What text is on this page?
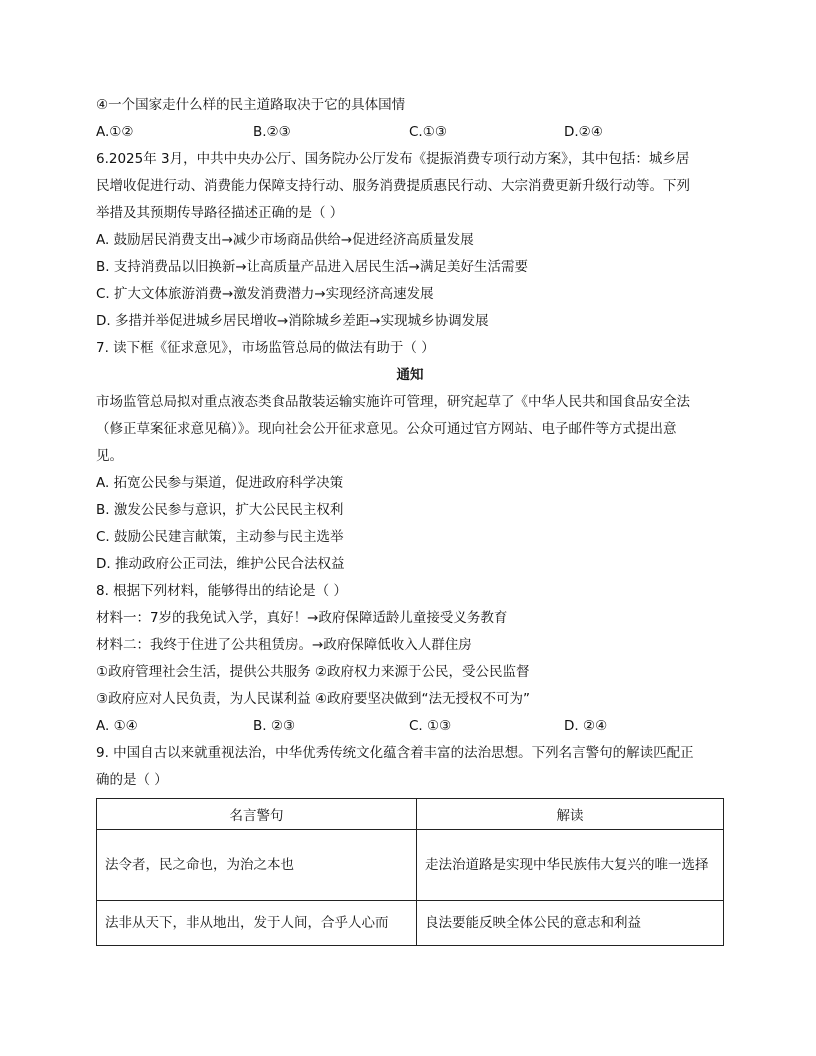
④一个国家走什么样的民主道路取决于它的具体国情
A.①②	B.②③	C.①③	D.②④
6.2025年 3月，中共中央办公厅、国务院办公厅发布《提振消费专项行动方案》，其中包括：城乡居
民增收促进行动、消费能力保障支持行动、服务消费提质惠民行动、大宗消费更新升级行动等。下列
举措及其预期传导路径描述正确的是（ ）
A. 鼓励居民消费支出→减少市场商品供给→促进经济高质量发展
B. 支持消费品以旧换新→让高质量产品进入居民生活→满足美好生活需要
C. 扩大文体旅游消费→激发消费潜力→实现经济高速发展
D. 多措并举促进城乡居民增收→消除城乡差距→实现城乡协调发展
7. 读下框《征求意见》，市场监管总局的做法有助于（ ）
通知
市场监管总局拟对重点液态类食品散装运输实施许可管理，研究起草了《中华人民共和国食品安全法
（修正草案征求意见稿）》。现向社会公开征求意见。公众可通过官方网站、电子邮件等方式提出意
见。
A. 拓宽公民参与渠道，促进政府科学决策
B. 激发公民参与意识，扩大公民民主权利
C. 鼓励公民建言献策，主动参与民主选举
D. 推动政府公正司法，维护公民合法权益
8. 根据下列材料，能够得出的结论是（ ）
材料一：7岁的我免试入学，真好！→政府保障适龄儿童接受义务教育
材料二：我终于住进了公共租赁房。→政府保障低收入人群住房
①政府管理社会生活，提供公共服务 ②政府权力来源于公民，受公民监督
③政府应对人民负责，为人民谋利益 ④政府要坚决做到“法无授权不可为”
A. ①④	B. ②③	C. ①③	D. ②④
9. 中国自古以来就重视法治，中华优秀传统文化蕴含着丰富的法治思想。下列名言警句的解读匹配正
确的是（ ）
名言警句	解读
法令者，民之命也，为治之本也	走法治道路是实现中华民族伟大复兴的唯一选择
法非从天下，非从地出，发于人间，合乎人心而	良法要能反映全体公民的意志和利益
